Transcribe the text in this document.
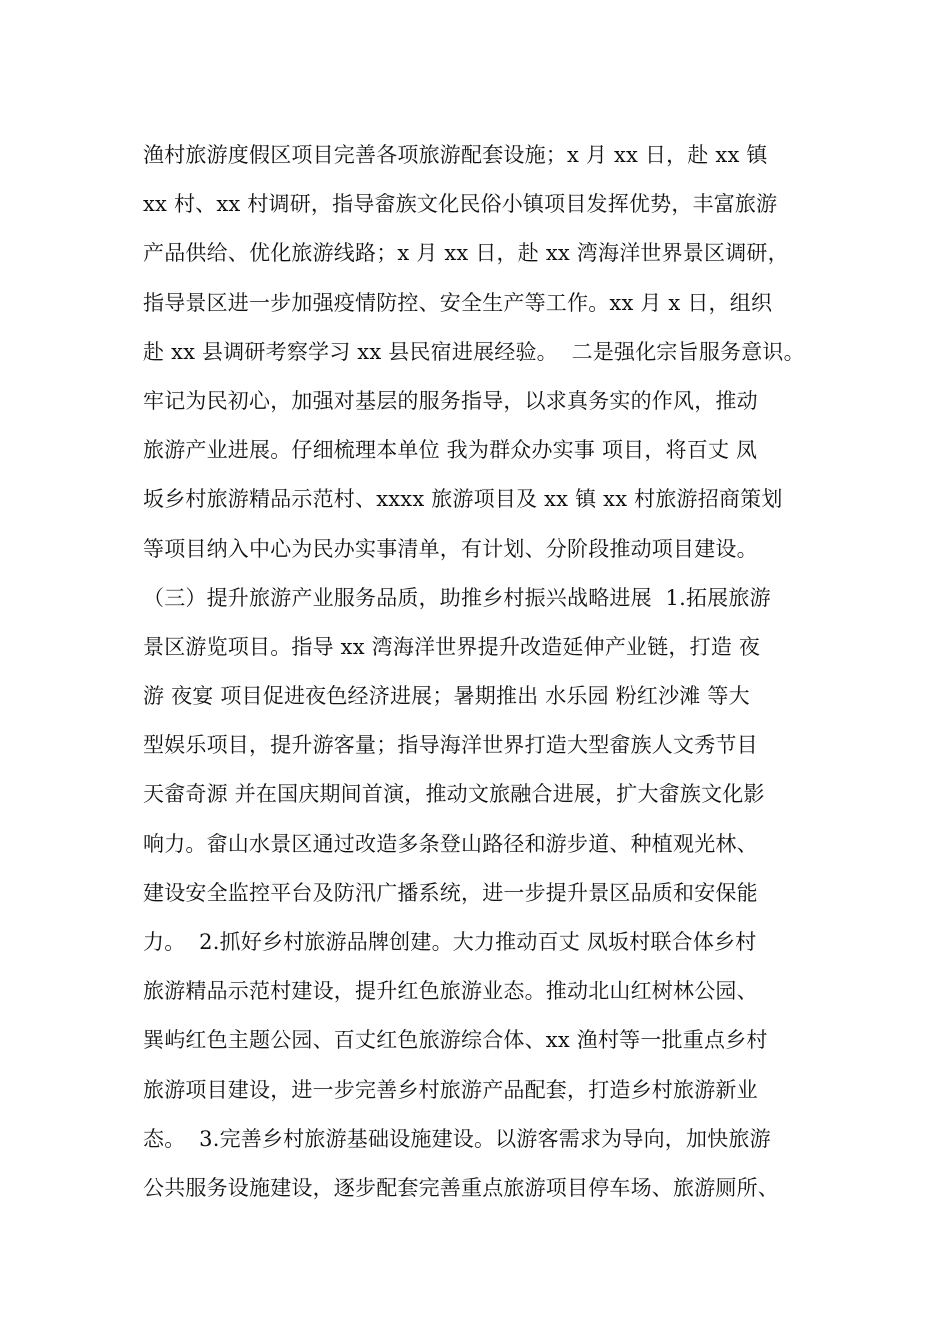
渔村旅游度假区项目完善各项旅游配套设施；x 月 xx 日，赴 xx 镇
xx 村、xx 村调研，指导畲族文化民俗小镇项目发挥优势，丰富旅游
产品供给、优化旅游线路；x 月 xx 日，赴 xx 湾海洋世界景区调研，
指导景区进一步加强疫情防控、安全生产等工作。xx 月 x 日，组织
赴 xx 县调研考察学习 xx 县民宿进展经验。  二是强化宗旨服务意识。
牢记为民初心，加强对基层的服务指导，以求真务实的作风，推动
旅游产业进展。仔细梳理本单位 我为群众办实事 项目，将百丈 凤
坂乡村旅游精品示范村、xxxx 旅游项目及 xx 镇 xx 村旅游招商策划
等项目纳入中心为民办实事清单，有计划、分阶段推动项目建设。
（三）提升旅游产业服务品质，助推乡村振兴战略进展  1.拓展旅游
景区游览项目。指导 xx 湾海洋世界提升改造延伸产业链，打造 夜
游 夜宴 项目促进夜色经济进展；暑期推出 水乐园 粉红沙滩 等大
型娱乐项目，提升游客量；指导海洋世界打造大型畲族人文秀节目
天畲奇源 并在国庆期间首演，推动文旅融合进展，扩大畲族文化影
响力。畲山水景区通过改造多条登山路径和游步道、种植观光林、
建设安全监控平台及防汛广播系统，进一步提升景区品质和安保能
力。  2.抓好乡村旅游品牌创建。大力推动百丈 凤坂村联合体乡村
旅游精品示范村建设，提升红色旅游业态。推动北山红树林公园、
巽屿红色主题公园、百丈红色旅游综合体、xx 渔村等一批重点乡村
旅游项目建设，进一步完善乡村旅游产品配套，打造乡村旅游新业
态。  3.完善乡村旅游基础设施建设。以游客需求为导向，加快旅游
公共服务设施建设，逐步配套完善重点旅游项目停车场、旅游厕所、
